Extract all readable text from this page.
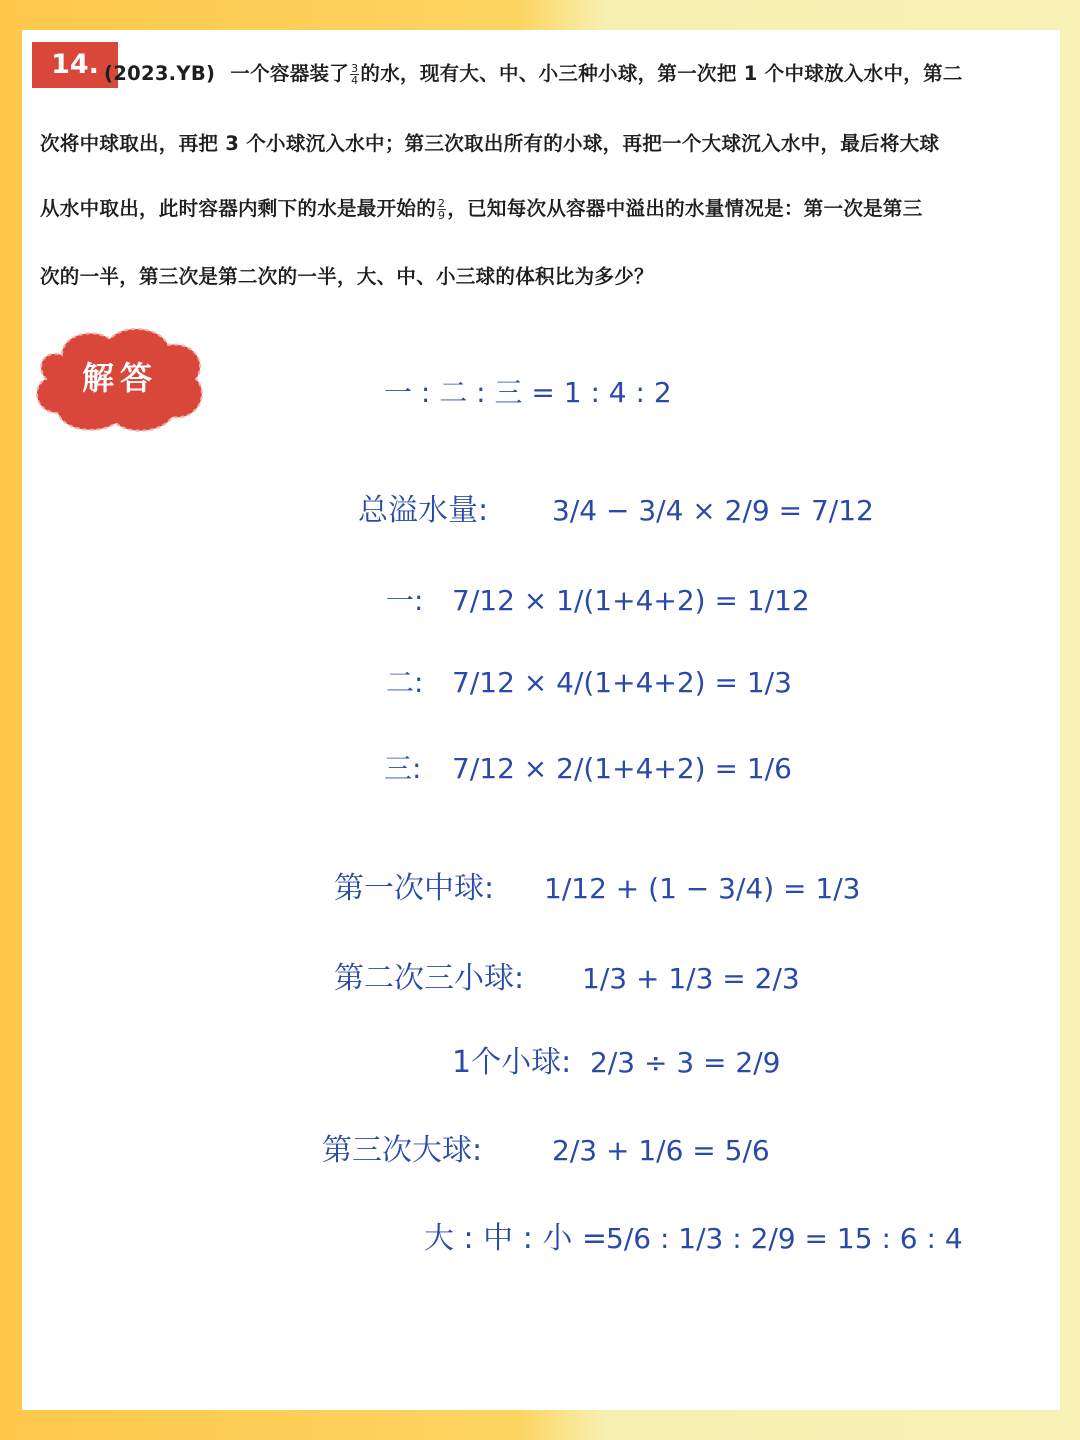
14. (2023.YB) 一个容器装了 $\frac{3}{4}$ 的水，现有大、中、小三种小球，第一次把 1 个中球放入水中，第二
次将中球取出，再把 3 个小球沉入水中；第三次取出所有的小球，再把一个大球沉入水中，最后将大球
从水中取出，此时容器内剩下的水是最开始的 $\frac{2}{9}$ ，已知每次从容器中溢出的水量情况是：第一次是第三
次的一半，第三次是第二次的一半，大、中、小三球的体积比为多少？
解答	一 : 二 : 三 = 1 : 4 : 2
总溢水量: 3/4 − 3/4 × 2/9 = 7/12
一: 7/12 × 1/(1+4+2) = 1/12
二: 7/12 × 4/(1+4+2) = 1/3
三: 7/12 × 2/(1+4+2) = 1/6
第一次中球: 1/12 + (1 − 3/4) = 1/3
第二次三小球: 1/3 + 1/3 = 2/3
1个小球: 2/3 ÷ 3 = 2/9
第三次大球: 2/3 + 1/6 = 5/6
大 : 中 : 小 =
5/6 : 1/3 : 2/9 = 15 : 6 : 4
